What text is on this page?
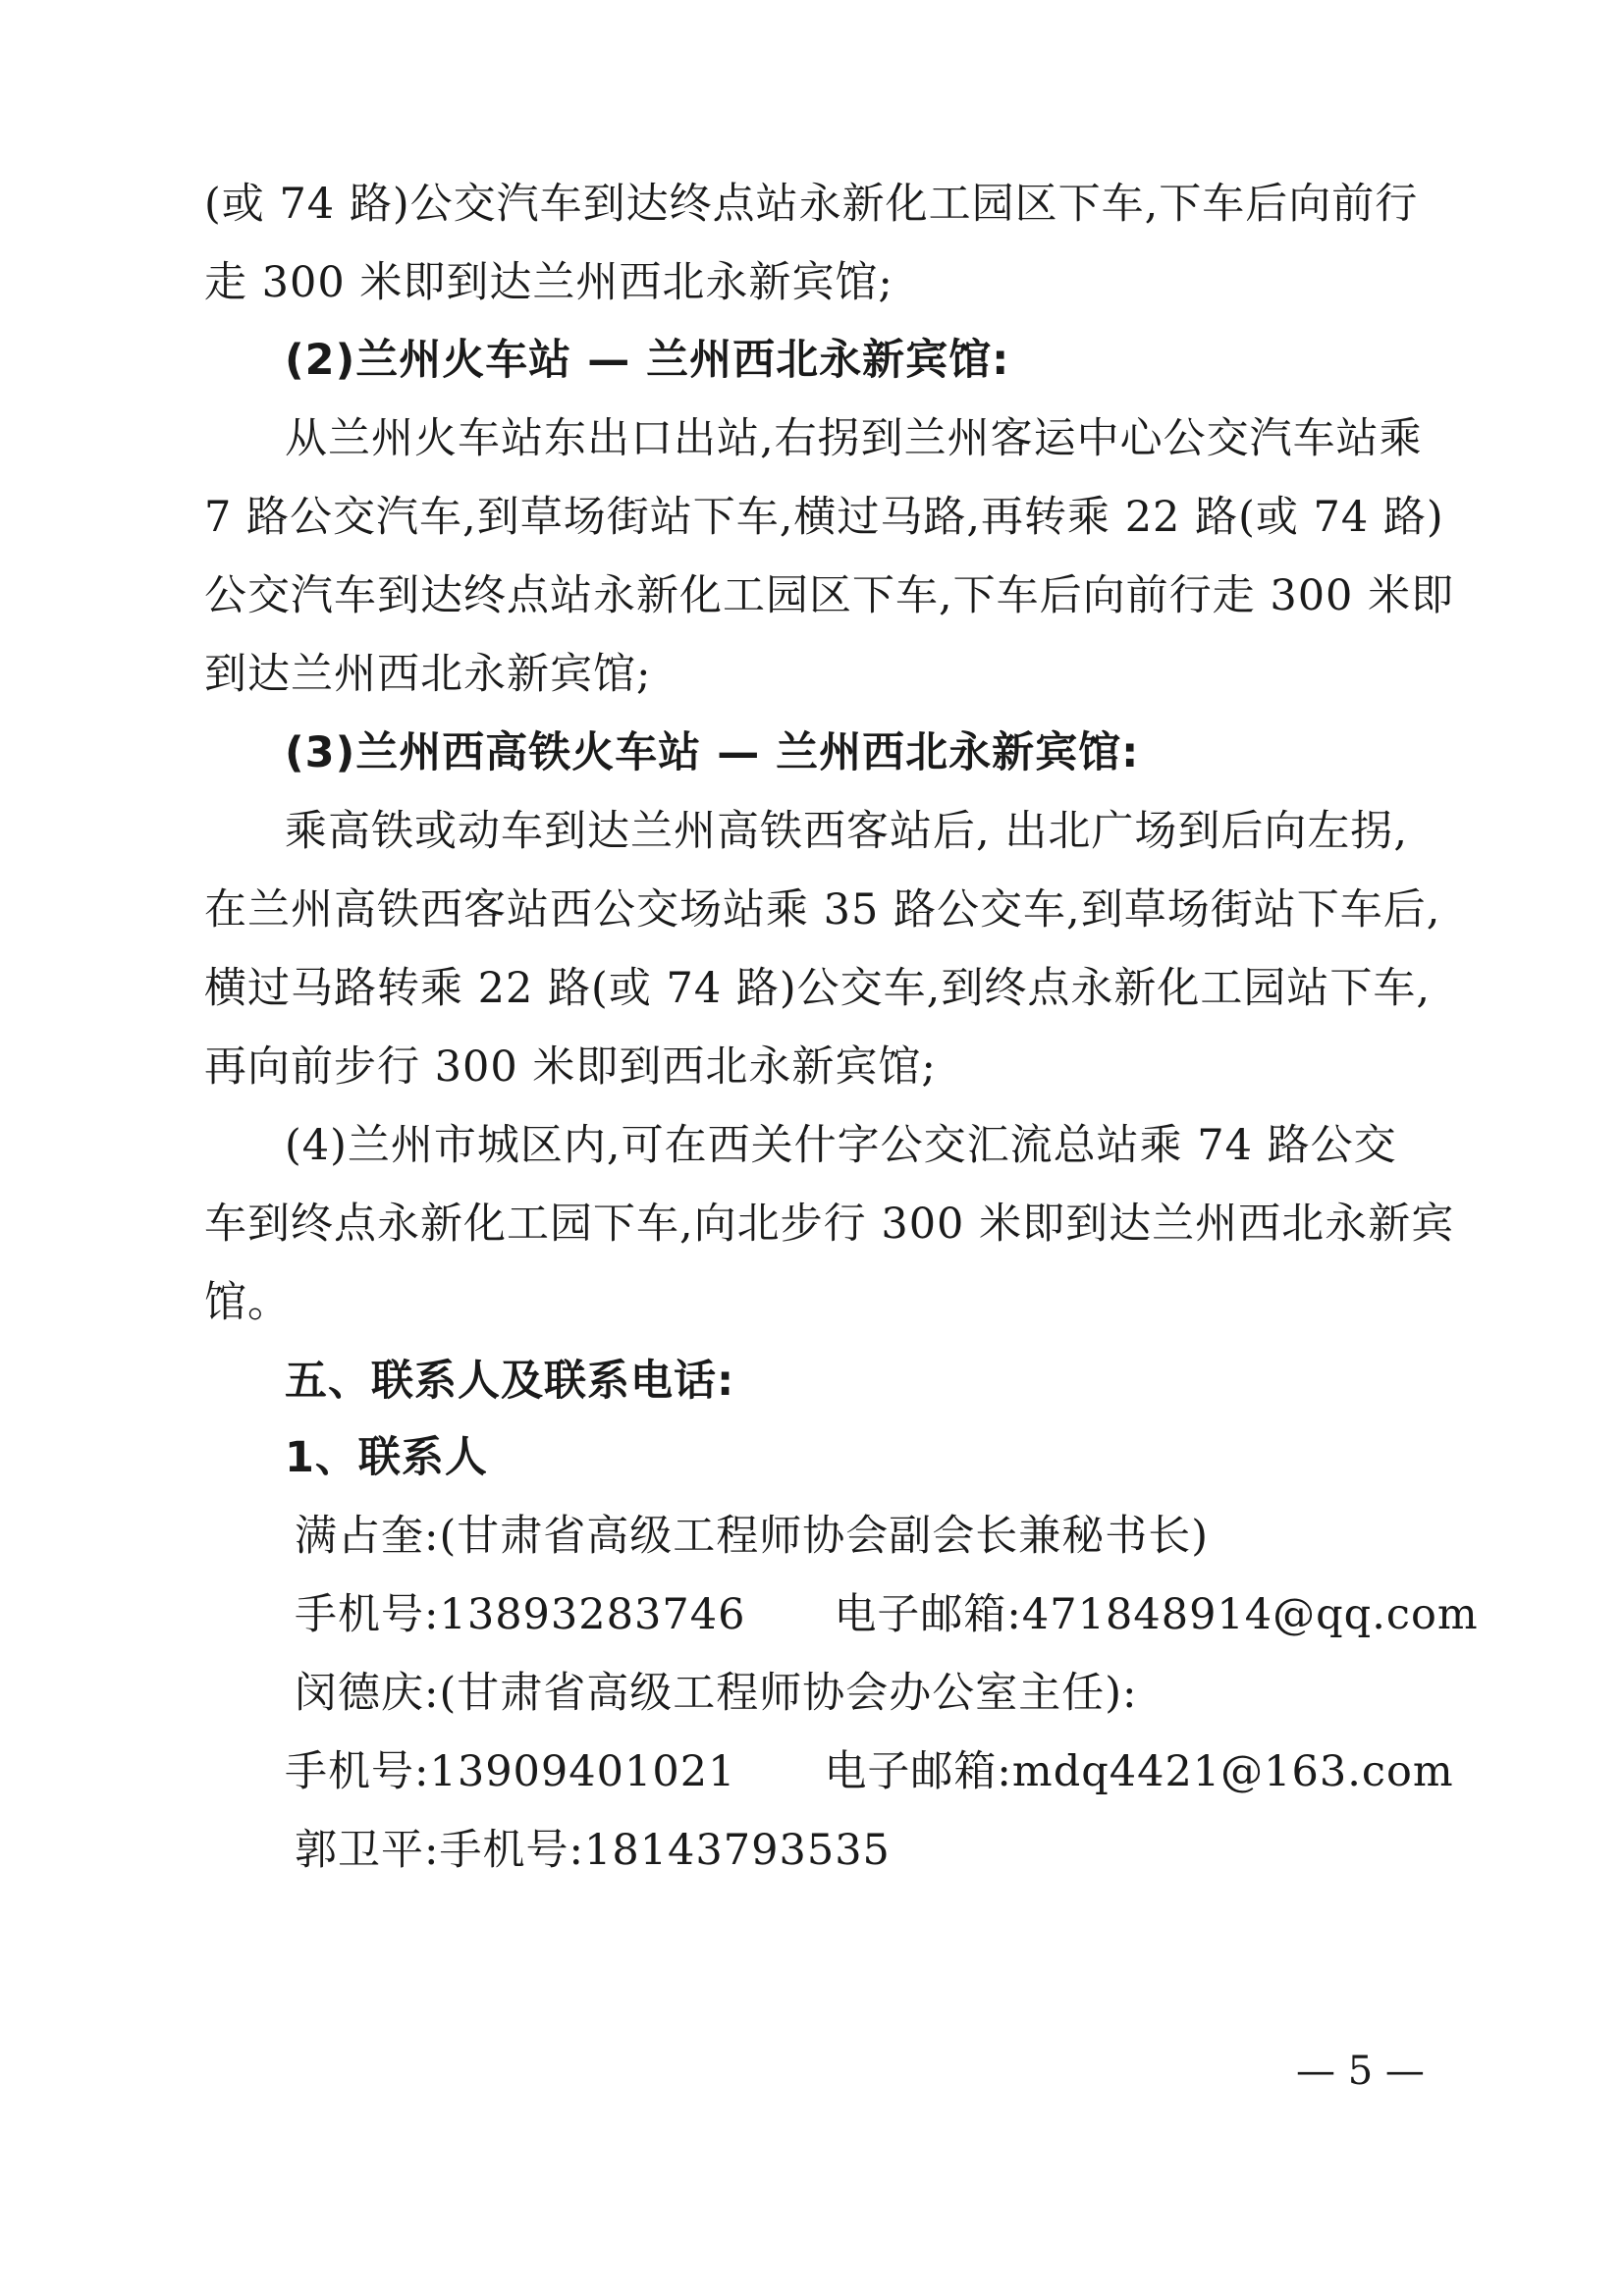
(或 74 路)公交汽车到达终点站永新化工园区下车,下车后向前行
走 300 米即到达兰州西北永新宾馆;
(2)兰州火车站 — 兰州西北永新宾馆:
从兰州火车站东出口出站,右拐到兰州客运中心公交汽车站乘
7 路公交汽车,到草场街站下车,横过马路,再转乘 22 路(或 74 路)
公交汽车到达终点站永新化工园区下车,下车后向前行走 300 米即
到达兰州西北永新宾馆;
(3)兰州西高铁火车站 — 兰州西北永新宾馆:
乘高铁或动车到达兰州高铁西客站后, 出北广场到后向左拐,
在兰州高铁西客站西公交场站乘 35 路公交车,到草场街站下车后,
横过马路转乘 22 路(或 74 路)公交车,到终点永新化工园站下车,
再向前步行 300 米即到西北永新宾馆;
(4)兰州市城区内,可在西关什字公交汇流总站乘 74 路公交
车到终点永新化工园下车,向北步行 300 米即到达兰州西北永新宾
馆。
五、联系人及联系电话:
1、联系人
满占奎:(甘肃省高级工程师协会副会长兼秘书长)
手机号:13893283746 电子邮箱:471848914@qq.com
闵德庆:(甘肃省高级工程师协会办公室主任):
手机号:13909401021 电子邮箱:mdq4421@163.com
郭卫平:手机号:18143793535
— 5 —
